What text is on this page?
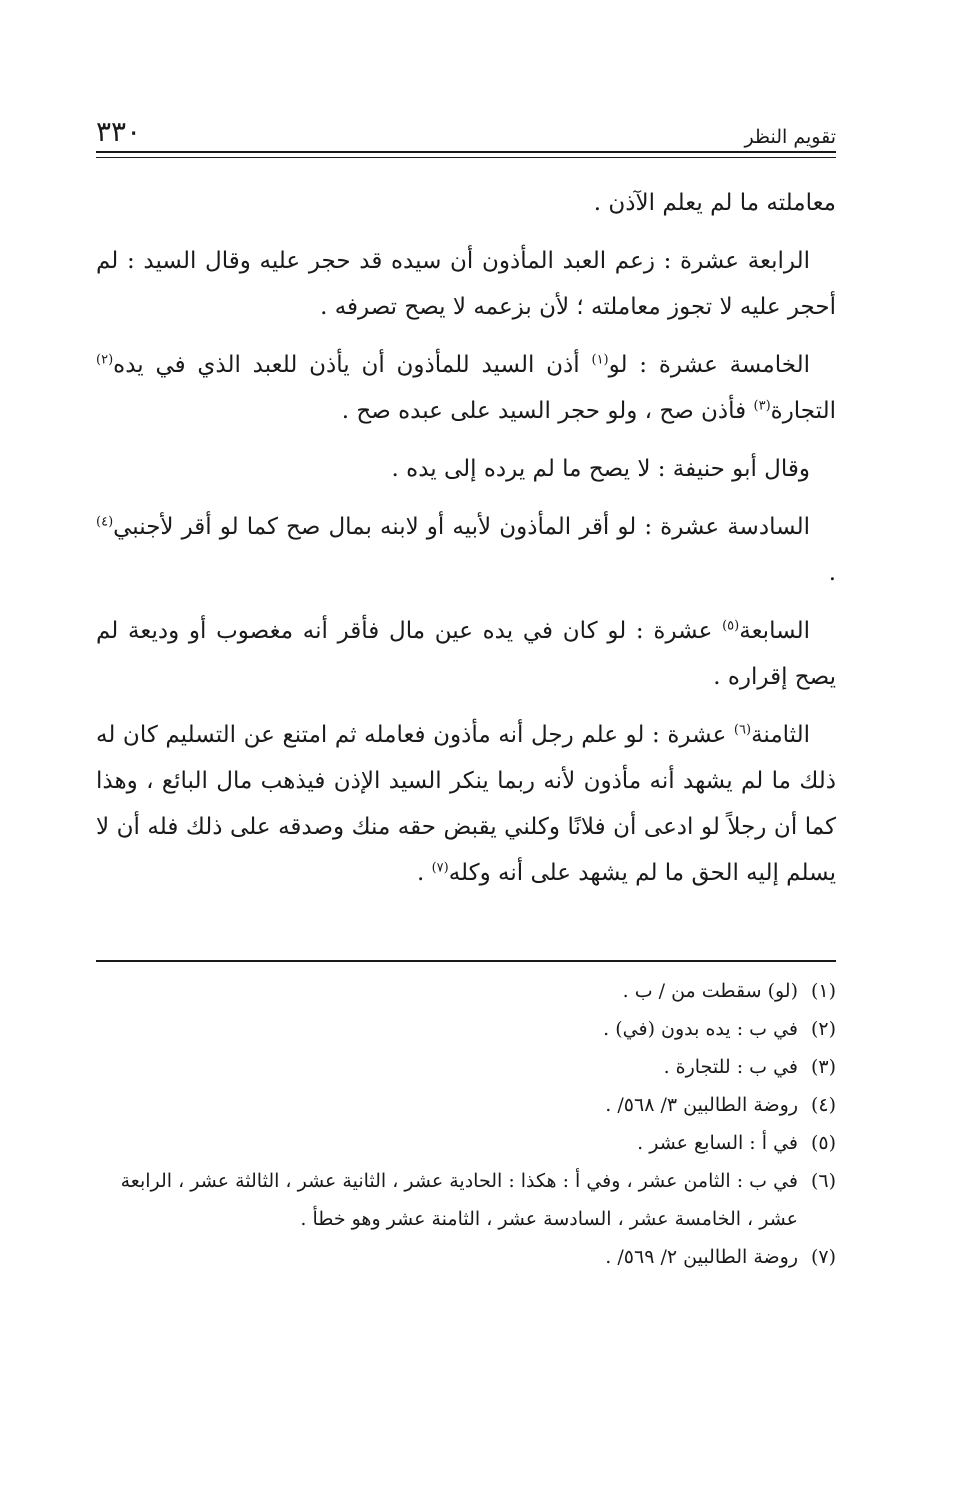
٣٣٠	تقويم النظر

معاملته ما لم يعلم الآذن .

الرابعة عشرة : زعم العبد المأذون أن سيده قد حجر عليه وقال السيد : لم أحجر عليه لا تجوز معاملته ؛ لأن بزعمه لا يصح تصرفه .

الخامسة عشرة : لو$^{(١)}$ أذن السيد للمأذون أن يأذن للعبد الذي في يده$^{(٢)}$ التجارة$^{(٣)}$ فأذن صح ، ولو حجر السيد على عبده صح .

وقال أبو حنيفة : لا يصح ما لم يرده إلى يده .

السادسة عشرة : لو أقر المأذون لأبيه أو لابنه بمال صح كما لو أقر لأجنبي$^{(٤)}$ .

السابعة$^{(٥)}$ عشرة : لو كان في يده عين مال فأقر أنه مغصوب أو وديعة لم يصح إقراره .

الثامنة$^{(٦)}$ عشرة : لو علم رجل أنه مأذون فعامله ثم امتنع عن التسليم كان له ذلك ما لم يشهد أنه مأذون لأنه ربما ينكر السيد الإذن فيذهب مال البائع ، وهذا كما أن رجلاً لو ادعى أن فلانًا وكلني يقبض حقه منك وصدقه على ذلك فله أن لا يسلم إليه الحق ما لم يشهد على أنه وكله$^{(٧)}$ .

(١)
(لو) سقطت من / ب .
(٢)
في ب : يده بدون (في) .
(٣)
في ب : للتجارة .
(٤)
روضة الطالبين ٣/ ٥٦٨/ .
(٥)
في أ : السابع عشر .
(٦)
في ب : الثامن عشر ، وفي أ : هكذا : الحادية عشر ، الثانية عشر ، الثالثة عشر ، الرابعة عشر ، الخامسة عشر ، السادسة عشر ، الثامنة عشر وهو خطأ .
(٧)
روضة الطالبين ٢/ ٥٦٩/ .
